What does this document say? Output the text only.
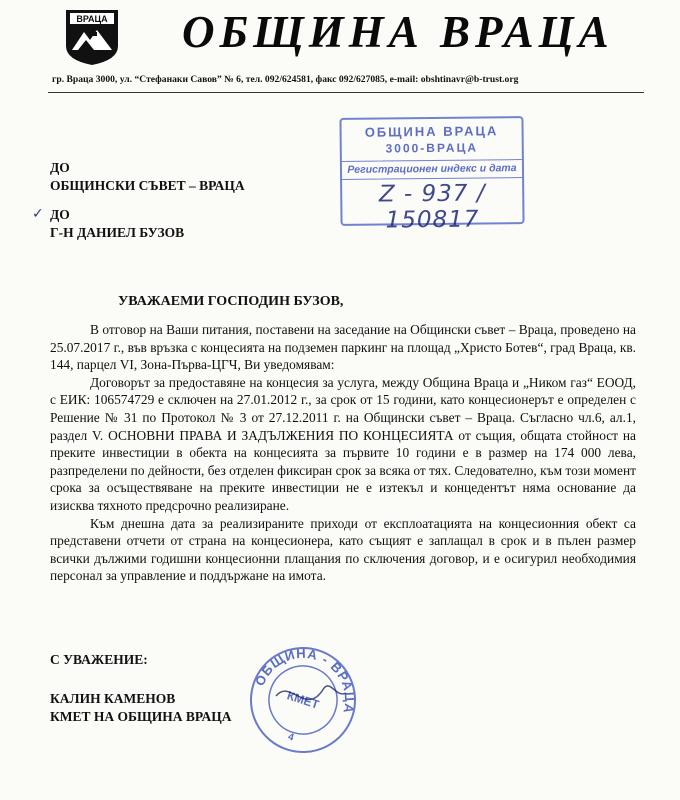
ВРАЦА ОБЩИНА ВРАЦА
гр. Враца 3000, ул. “Стефанаки Савов” № 6, тел. 092/624581, факс 092/627085, e-mail: obshtinavr@b-trust.org
ОБЩИНА ВРАЦА
3000-ВРАЦА
Регистрационен индекс и дата
Z - 937 / 150817
ДО
ОБЩИНСКИ СЪВЕТ – ВРАЦА
✓ ДО
Г-Н ДАНИЕЛ БУЗОВ
УВАЖАЕМИ ГОСПОДИН БУЗОВ,

В отговор на Ваши питания, поставени на заседание на Общински съвет – Враца, проведено на 25.07.2017 г., във връзка с концесията на подземен паркинг на площад „Христо Ботев“, град Враца, кв. 144, парцел VI, Зона-Първа-ЦГЧ, Ви уведомявам:

Договорът за предоставяне на концесия за услуга, между Община Враца и „Ником газ“ ЕООД, с ЕИК: 106574729 е сключен на 27.01.2012 г., за срок от 15 години, като концесионерът е определен с Решение № 31 по Протокол № 3 от 27.12.2011 г. на Общински съвет – Враца. Съгласно чл.6, ал.1, раздел V. ОСНОВНИ ПРАВА И ЗАДЪЛЖЕНИЯ ПО КОНЦЕСИЯТА от същия, общата стойност на преките инвестиции в обекта на концесията за първите 10 години е в размер на 174 000 лева, разпределени по дейности, без отделен фиксиран срок за всяка от тях. Следователно, към този момент срока за осъществяване на преките инвестиции не е изтекъл и концедентът няма основание да изисква тяхното предсрочно реализиране.

Към днешна дата за реализираните приходи от експлоатацията на концесионния обект са представени отчети от страна на концесионера, като същият е заплащал в срок и в пълен размер всички дължими годишни концесионни плащания по сключения договор, и е осигурил необходимия персонал за управление и поддържане на имота.

С УВАЖЕНИЕ:
КАЛИН КАМЕНОВ
КМЕТ НА ОБЩИНА ВРАЦА
ОБЩИНА - ВРАЦА
КМЕТ
4
